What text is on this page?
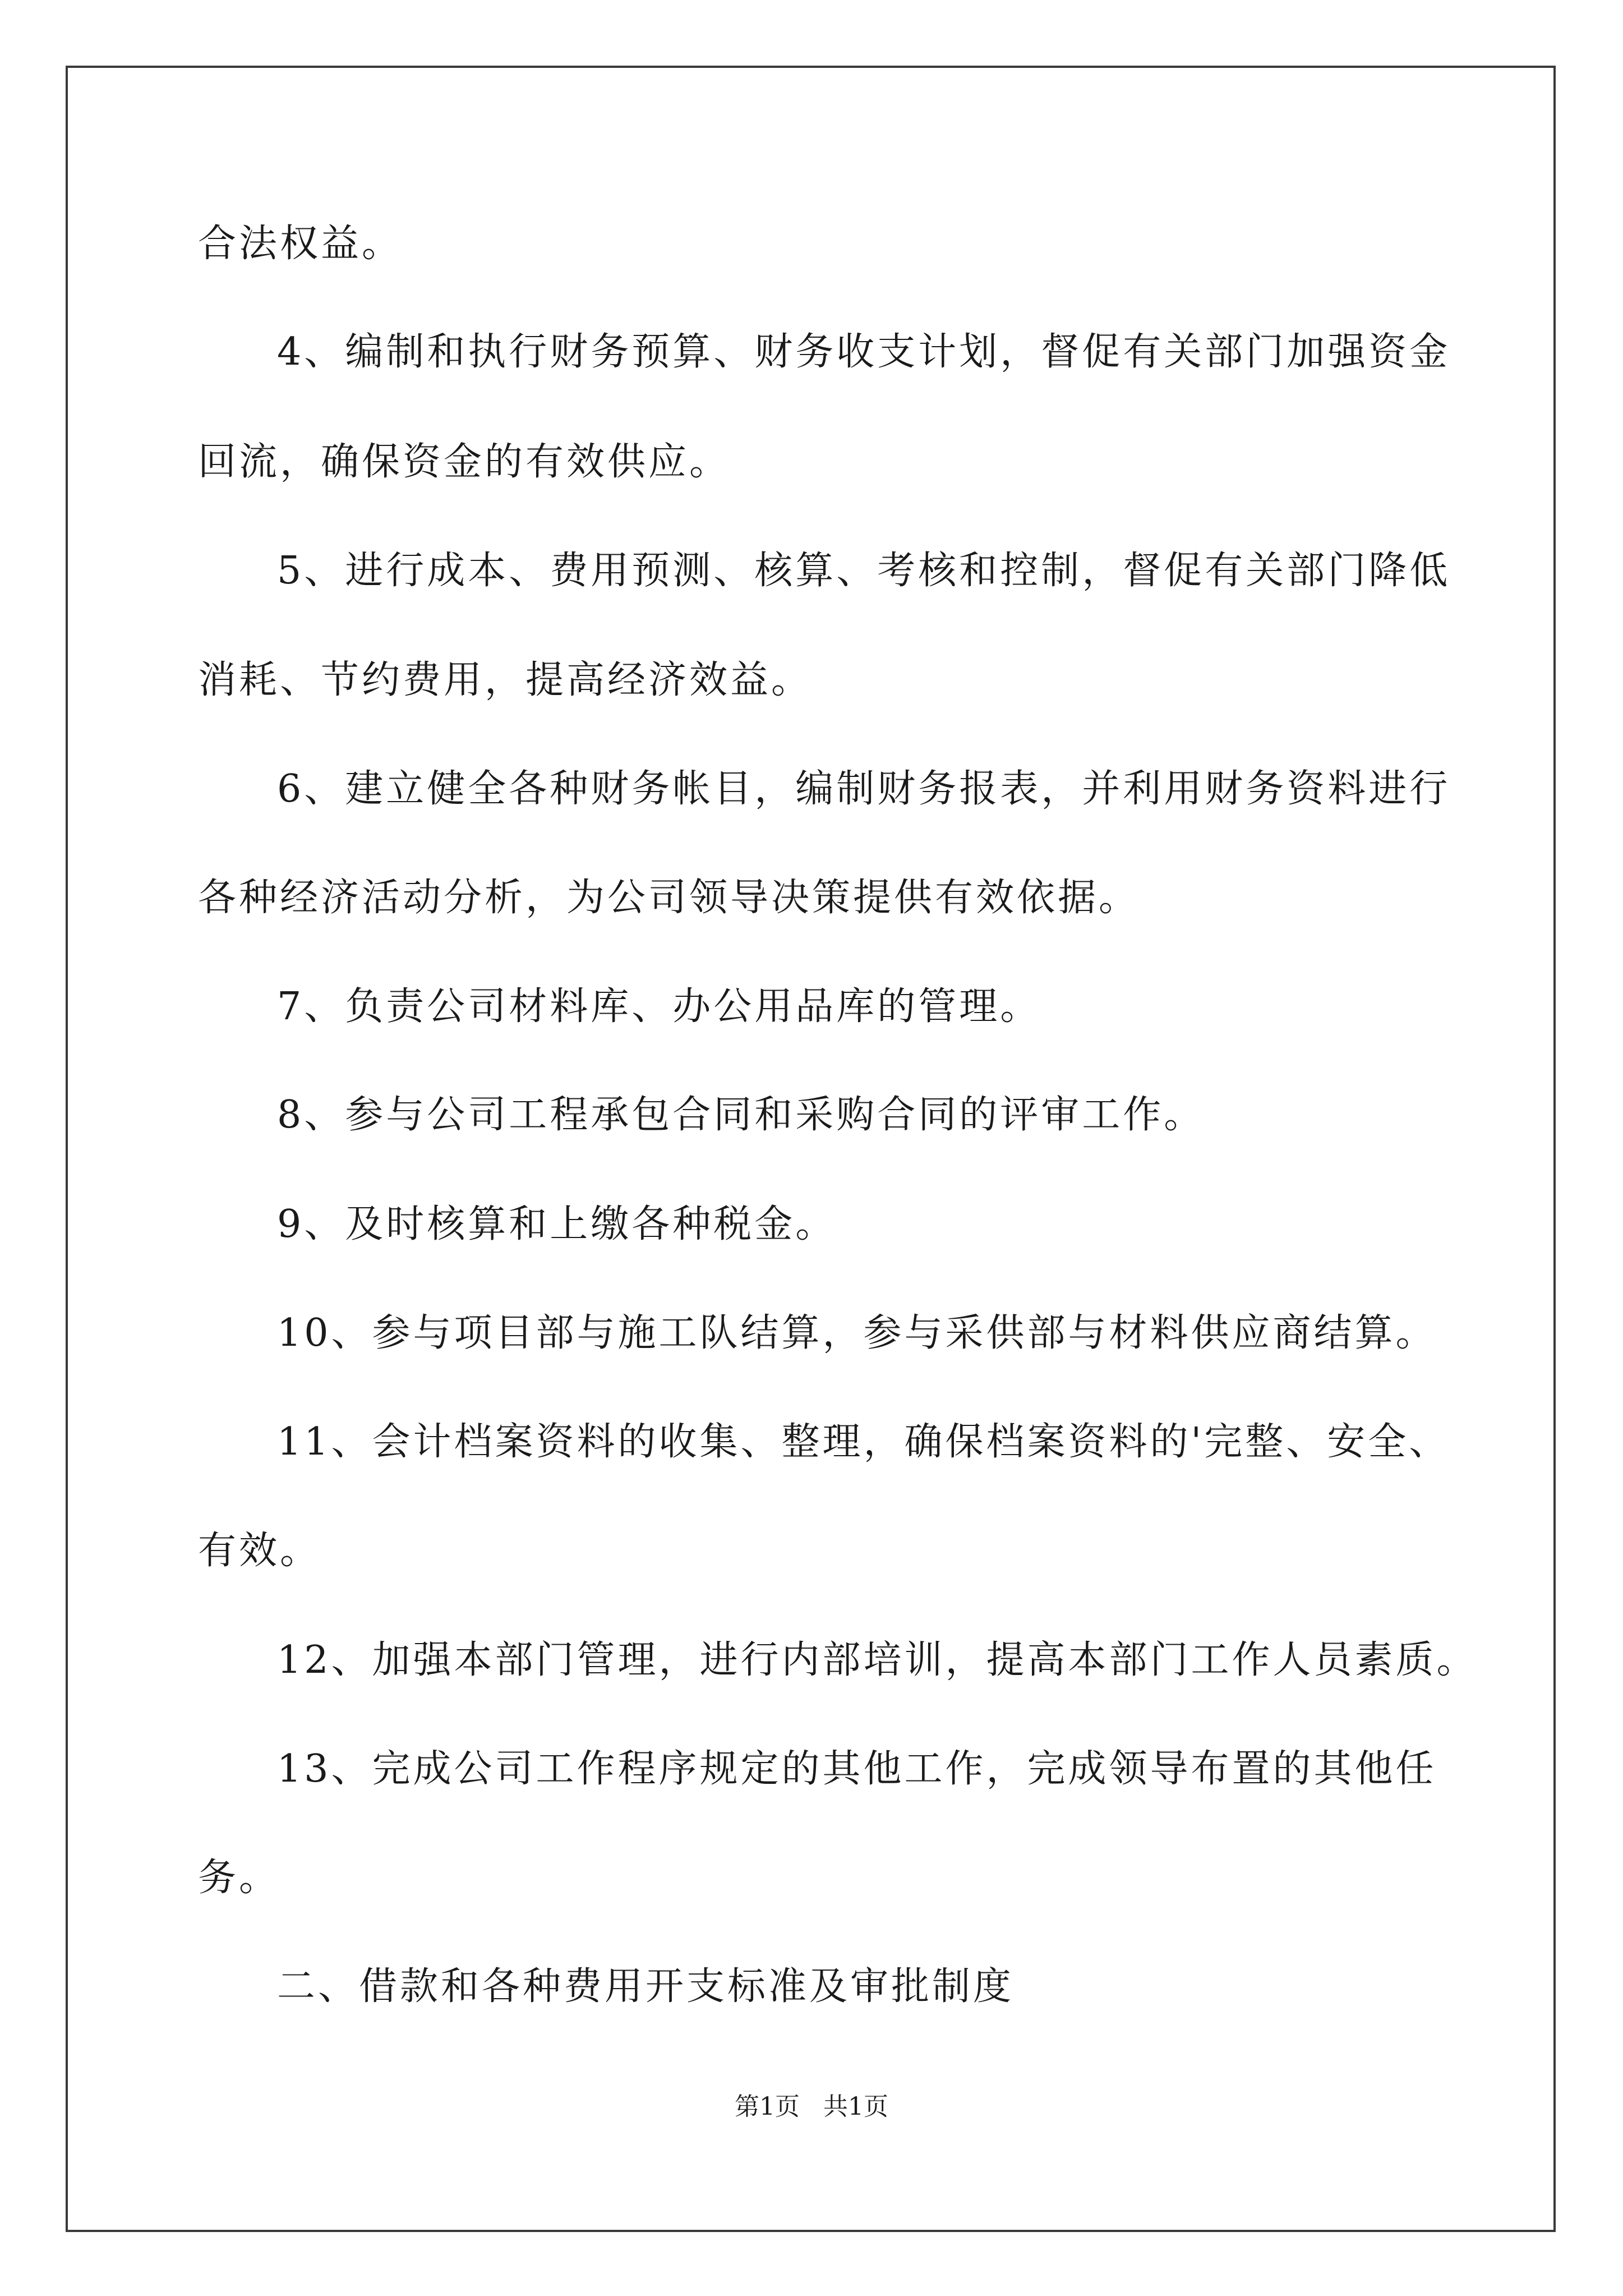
合法权益。
4、编制和执行财务预算、财务收支计划，督促有关部门加强资金
回流，确保资金的有效供应。
5、进行成本、费用预测、核算、考核和控制，督促有关部门降低
消耗、节约费用，提高经济效益。
6、建立健全各种财务帐目，编制财务报表，并利用财务资料进行
各种经济活动分析，为公司领导决策提供有效依据。
7、负责公司材料库、办公用品库的管理。
8、参与公司工程承包合同和采购合同的评审工作。
9、及时核算和上缴各种税金。
10、参与项目部与施工队结算，参与采供部与材料供应商结算。
11、会计档案资料的收集、整理，确保档案资料的'完整、安全、
有效。
12、加强本部门管理，进行内部培训，提高本部门工作人员素质。
13、完成公司工作程序规定的其他工作，完成领导布置的其他任
务。
二、借款和各种费用开支标准及审批制度
第1页   共1页
